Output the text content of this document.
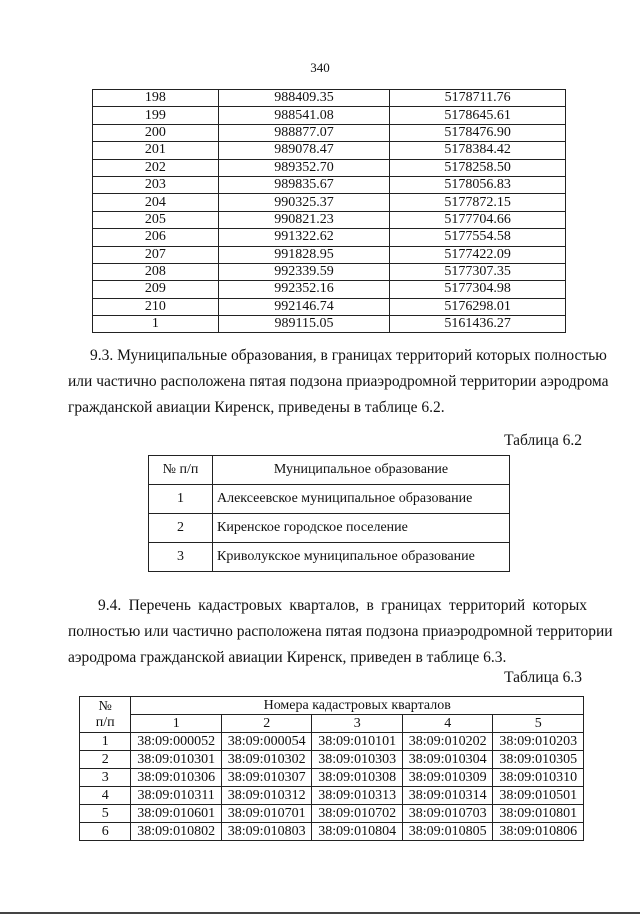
340
198	988409.35	5178711.76
199	988541.08	5178645.61
200	988877.07	5178476.90
201	989078.47	5178384.42
202	989352.70	5178258.50
203	989835.67	5178056.83
204	990325.37	5177872.15
205	990821.23	5177704.66
206	991322.62	5177554.58
207	991828.95	5177422.09
208	992339.59	5177307.35
209	992352.16	5177304.98
210	992146.74	5176298.01
1	989115.05	5161436.27
9.3. Муниципальные образования, в границах территорий которых полностью
или частично расположена пятая подзона приаэродромной территории аэродрома
гражданской авиации Киренск, приведены в таблице 6.2.
Таблица 6.2
№ п/п	Муниципальное образование
1	Алексеевское муниципальное образование
2	Киренское городское поселение
3	Криволукское муниципальное образование
9.4. Перечень кадастровых кварталов, в границах территорий которых
полностью или частично расположена пятая подзона приаэродромной территории
аэродрома гражданской авиации Киренск, приведен в таблице 6.3.
Таблица 6.3
№
п/п	Номера кадастровых кварталов				
	1	2	3	4	5
1	38:09:000052	38:09:000054	38:09:010101	38:09:010202	38:09:010203
2	38:09:010301	38:09:010302	38:09:010303	38:09:010304	38:09:010305
3	38:09:010306	38:09:010307	38:09:010308	38:09:010309	38:09:010310
4	38:09:010311	38:09:010312	38:09:010313	38:09:010314	38:09:010501
5	38:09:010601	38:09:010701	38:09:010702	38:09:010703	38:09:010801
6	38:09:010802	38:09:010803	38:09:010804	38:09:010805	38:09:010806
